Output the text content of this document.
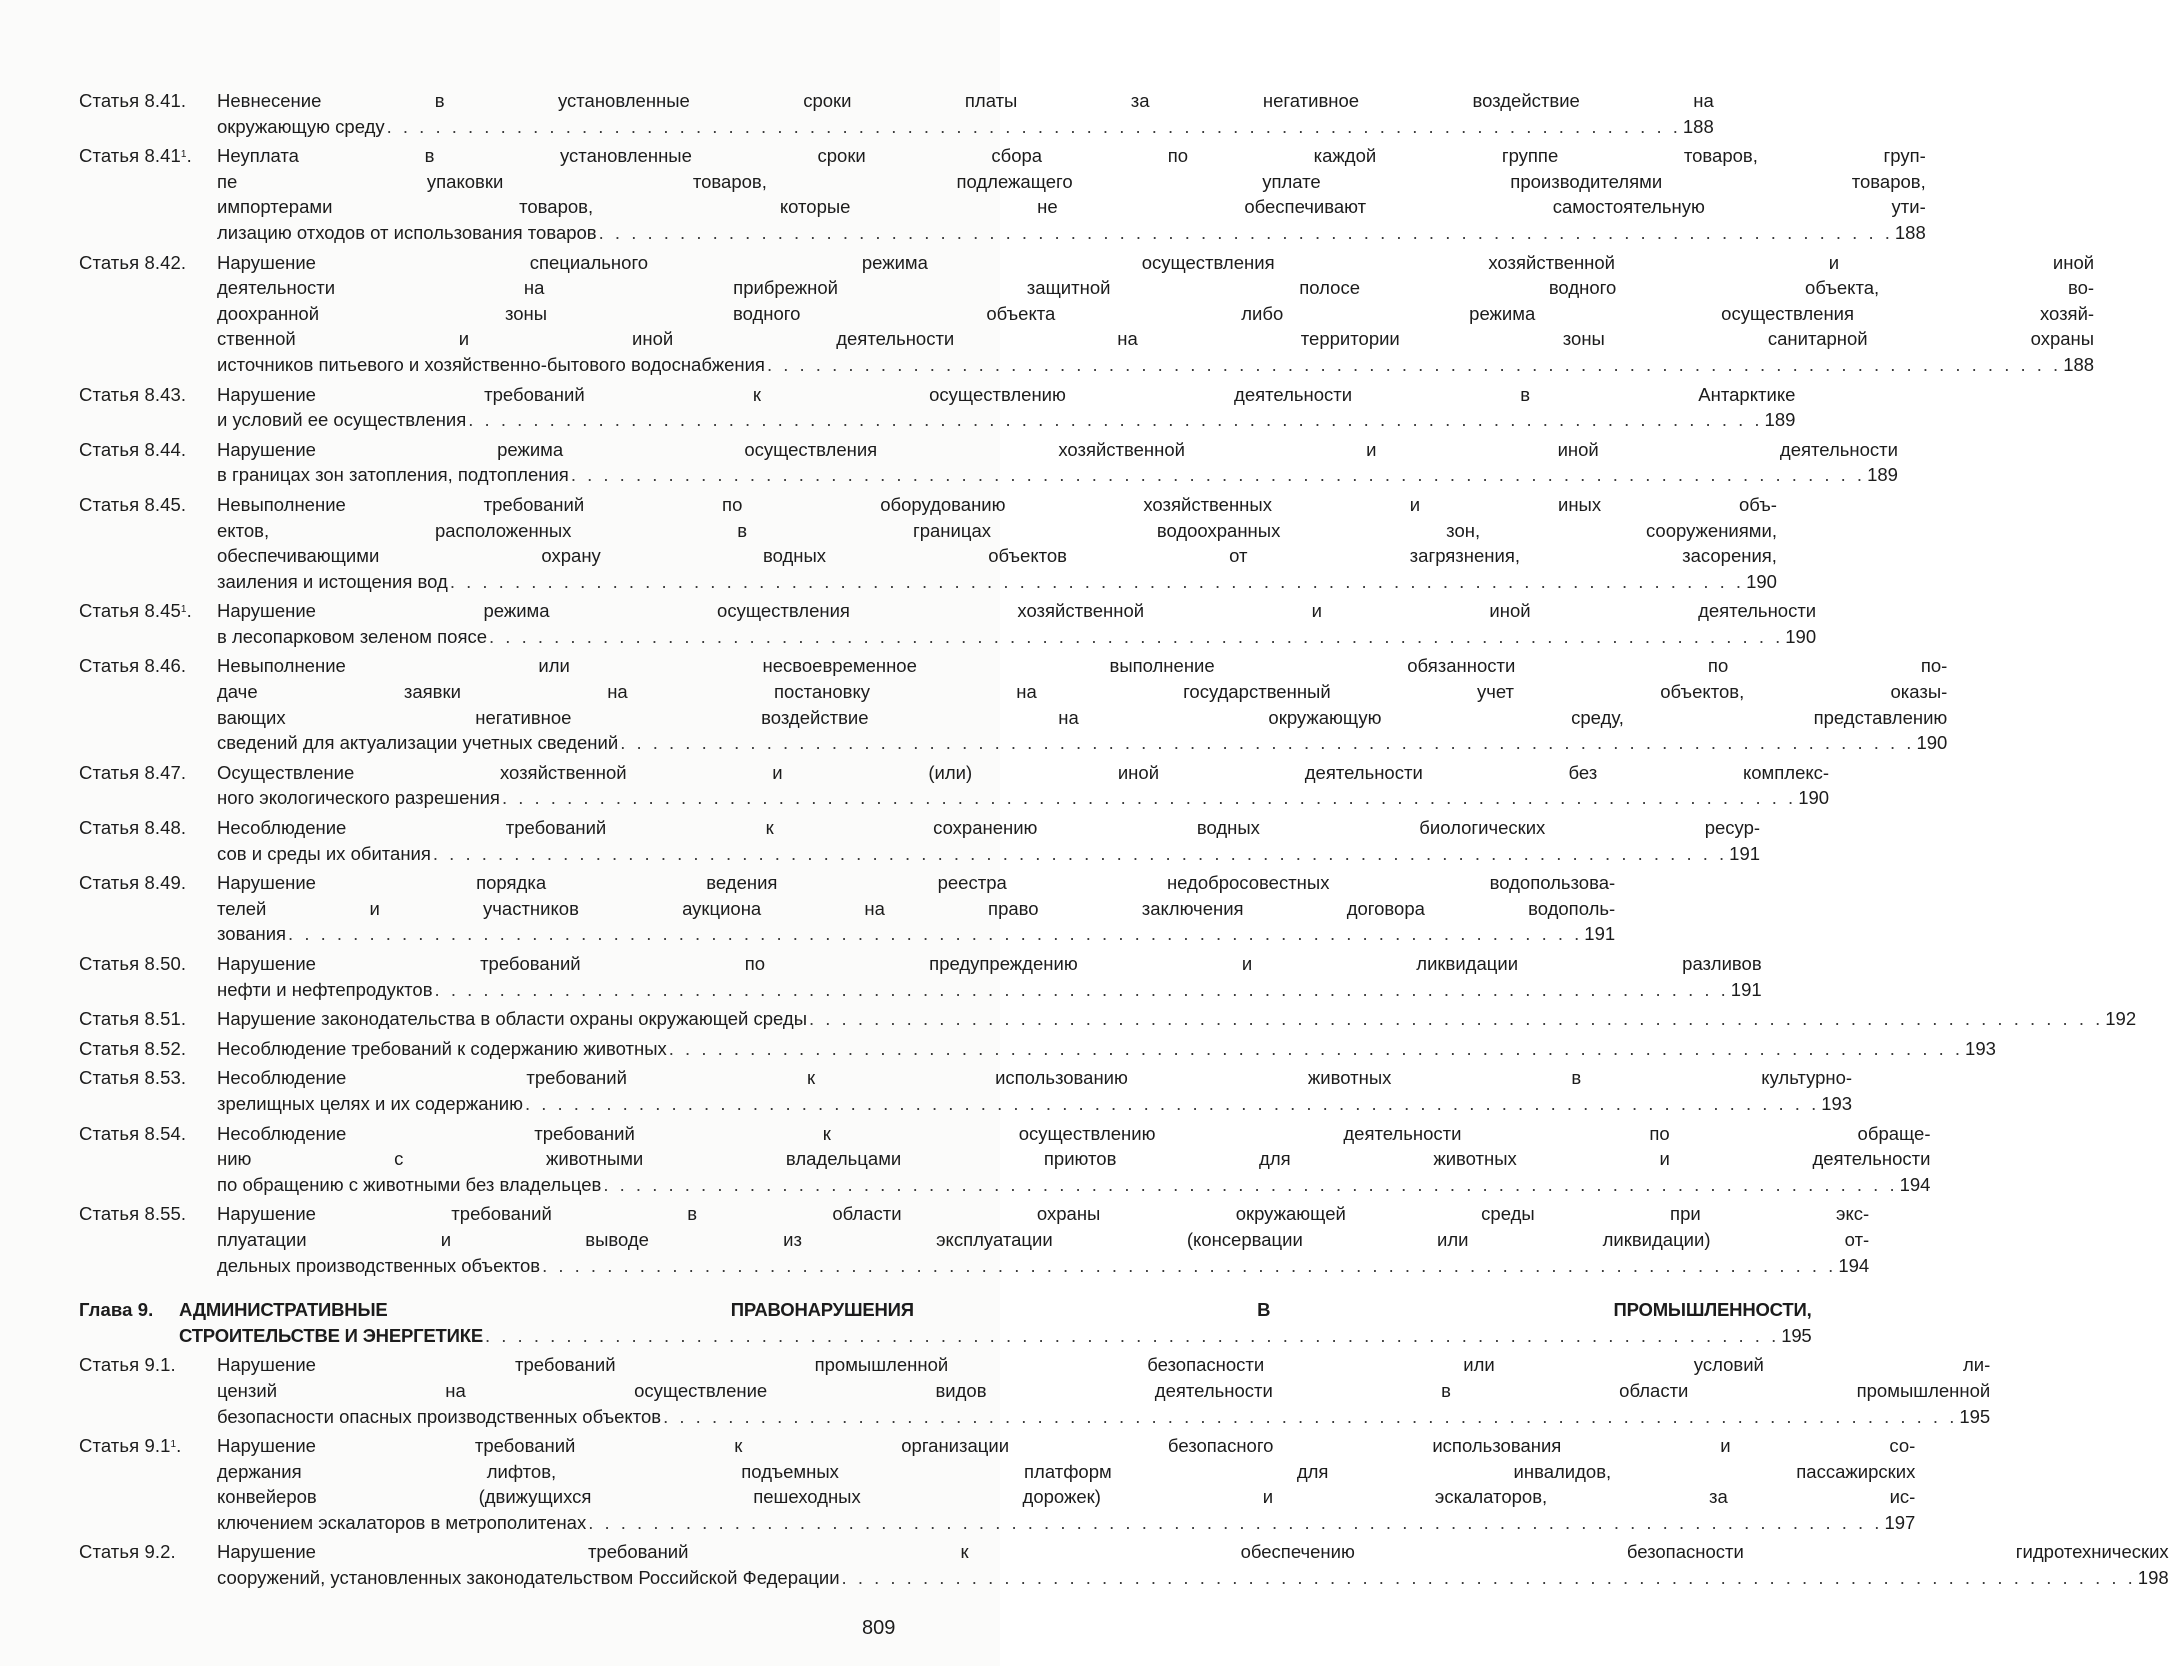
Статья 8.41.	Невнесение в установленные сроки платы за негативное воздействие на
окружающую среду . . . . . . . . . . . . . . . . . . . . . . . . . . . . . . . . . . . . . . . . . . . . . . . . . . . . . . . . . . . . . . . . . . . . . . . . . . . . . . . . 188
Статья 8.41$^1$.	Неуплата в установленные сроки сбора по каждой группе товаров, груп-
пе упаковки товаров, подлежащего уплате производителями товаров,
импортерами товаров, которые не обеспечивают самостоятельную ути-
лизацию отходов от использования товаров . . . . . . . . . . . . . . . . . . . . . . . . . . . . . . . . . . . . . . . . . . . . . . . . . . . . . . . . . . . . . . . . . . . . . . . . . . . . . . . . 188
Статья 8.42.	Нарушение специального режима осуществления хозяйственной и иной
деятельности на прибрежной защитной полосе водного объекта, во-
доохранной зоны водного объекта либо режима осуществления хозяй-
ственной и иной деятельности на территории зоны санитарной охраны
источников питьевого и хозяйственно-бытового водоснабжения . . . . . . . . . . . . . . . . . . . . . . . . . . . . . . . . . . . . . . . . . . . . . . . . . . . . . . . . . . . . . . . . . . . . . . . . . . . . . . . . 188
Статья 8.43.	Нарушение требований к осуществлению деятельности в Антарктике
и условий ее осуществления . . . . . . . . . . . . . . . . . . . . . . . . . . . . . . . . . . . . . . . . . . . . . . . . . . . . . . . . . . . . . . . . . . . . . . . . . . . . . . . . 189
Статья 8.44.	Нарушение режима осуществления хозяйственной и иной деятельности
в границах зон затопления, подтопления . . . . . . . . . . . . . . . . . . . . . . . . . . . . . . . . . . . . . . . . . . . . . . . . . . . . . . . . . . . . . . . . . . . . . . . . . . . . . . . . 189
Статья 8.45.	Невыполнение требований по оборудованию хозяйственных и иных объ-
ектов, расположенных в границах водоохранных зон, сооружениями,
обеспечивающими охрану водных объектов от загрязнения, засорения,
заиления и истощения вод . . . . . . . . . . . . . . . . . . . . . . . . . . . . . . . . . . . . . . . . . . . . . . . . . . . . . . . . . . . . . . . . . . . . . . . . . . . . . . . . 190
Статья 8.45$^1$.	Нарушение режима осуществления хозяйственной и иной деятельности
в лесопарковом зеленом поясе . . . . . . . . . . . . . . . . . . . . . . . . . . . . . . . . . . . . . . . . . . . . . . . . . . . . . . . . . . . . . . . . . . . . . . . . . . . . . . . . 190
Статья 8.46.	Невыполнение или несвоевременное выполнение обязанности по по-
даче заявки на постановку на государственный учет объектов, оказы-
вающих негативное воздействие на окружающую среду, представлению
сведений для актуализации учетных сведений . . . . . . . . . . . . . . . . . . . . . . . . . . . . . . . . . . . . . . . . . . . . . . . . . . . . . . . . . . . . . . . . . . . . . . . . . . . . . . . . 190
Статья 8.47.	Осуществление хозяйственной и (или) иной деятельности без комплекс-
ного экологического разрешения . . . . . . . . . . . . . . . . . . . . . . . . . . . . . . . . . . . . . . . . . . . . . . . . . . . . . . . . . . . . . . . . . . . . . . . . . . . . . . . . 190
Статья 8.48.	Несоблюдение требований к сохранению водных биологических ресур-
сов и среды их обитания . . . . . . . . . . . . . . . . . . . . . . . . . . . . . . . . . . . . . . . . . . . . . . . . . . . . . . . . . . . . . . . . . . . . . . . . . . . . . . . . 191
Статья 8.49.	Нарушение порядка ведения реестра недобросовестных водопользова-
телей и участников аукциона на право заключения договора водополь-
зования . . . . . . . . . . . . . . . . . . . . . . . . . . . . . . . . . . . . . . . . . . . . . . . . . . . . . . . . . . . . . . . . . . . . . . . . . . . . . . . . 191
Статья 8.50.	Нарушение требований по предупреждению и ликвидации разливов
нефти и нефтепродуктов . . . . . . . . . . . . . . . . . . . . . . . . . . . . . . . . . . . . . . . . . . . . . . . . . . . . . . . . . . . . . . . . . . . . . . . . . . . . . . . . 191
Статья 8.51.	Нарушение законодательства в области охраны окружающей среды . . . . . . . . . . . . . . . . . . . . . . . . . . . . . . . . . . . . . . . . . . . . . . . . . . . . . . . . . . . . . . . . . . . . . . . . . . . . . . . . 192
Статья 8.52.	Несоблюдение требований к содержанию животных . . . . . . . . . . . . . . . . . . . . . . . . . . . . . . . . . . . . . . . . . . . . . . . . . . . . . . . . . . . . . . . . . . . . . . . . . . . . . . . . 193
Статья 8.53.	Несоблюдение требований к использованию животных в культурно-
зрелищных целях и их содержанию . . . . . . . . . . . . . . . . . . . . . . . . . . . . . . . . . . . . . . . . . . . . . . . . . . . . . . . . . . . . . . . . . . . . . . . . . . . . . . . . 193
Статья 8.54.	Несоблюдение требований к осуществлению деятельности по обраще-
нию с животными владельцами приютов для животных и деятельности
по обращению с животными без владельцев . . . . . . . . . . . . . . . . . . . . . . . . . . . . . . . . . . . . . . . . . . . . . . . . . . . . . . . . . . . . . . . . . . . . . . . . . . . . . . . . 194
Статья 8.55.	Нарушение требований в области охраны окружающей среды при экс-
плуатации и выводе из эксплуатации (консервации или ликвидации) от-
дельных производственных объектов . . . . . . . . . . . . . . . . . . . . . . . . . . . . . . . . . . . . . . . . . . . . . . . . . . . . . . . . . . . . . . . . . . . . . . . . . . . . . . . . 194
Глава 9.	АДМИНИСТРАТИВНЫЕ ПРАВОНАРУШЕНИЯ В ПРОМЫШЛЕННОСТИ,
СТРОИТЕЛЬСТВЕ И ЭНЕРГЕТИКЕ . . . . . . . . . . . . . . . . . . . . . . . . . . . . . . . . . . . . . . . . . . . . . . . . . . . . . . . . . . . . . . . . . . . . . . . . . . . . . . . . 195
Статья 9.1.	Нарушение требований промышленной безопасности или условий ли-
цензий на осуществление видов деятельности в области промышленной
безопасности опасных производственных объектов . . . . . . . . . . . . . . . . . . . . . . . . . . . . . . . . . . . . . . . . . . . . . . . . . . . . . . . . . . . . . . . . . . . . . . . . . . . . . . . . 195
Статья $9.1^1$.	Нарушение требований к организации безопасного использования и со-
держания лифтов, подъемных платформ для инвалидов, пассажирских
конвейеров (движущихся пешеходных дорожек) и эскалаторов, за ис-
ключением эскалаторов в метрополитенах . . . . . . . . . . . . . . . . . . . . . . . . . . . . . . . . . . . . . . . . . . . . . . . . . . . . . . . . . . . . . . . . . . . . . . . . . . . . . . . . 197
Статья 9.2.	Нарушение требований к обеспечению безопасности гидротехнических
сооружений, установленных законодательством Российской Федерации . . . . . . . . . . . . . . . . . . . . . . . . . . . . . . . . . . . . . . . . . . . . . . . . . . . . . . . . . . . . . . . . . . . . . . . . . . . . . . . . 198
809
